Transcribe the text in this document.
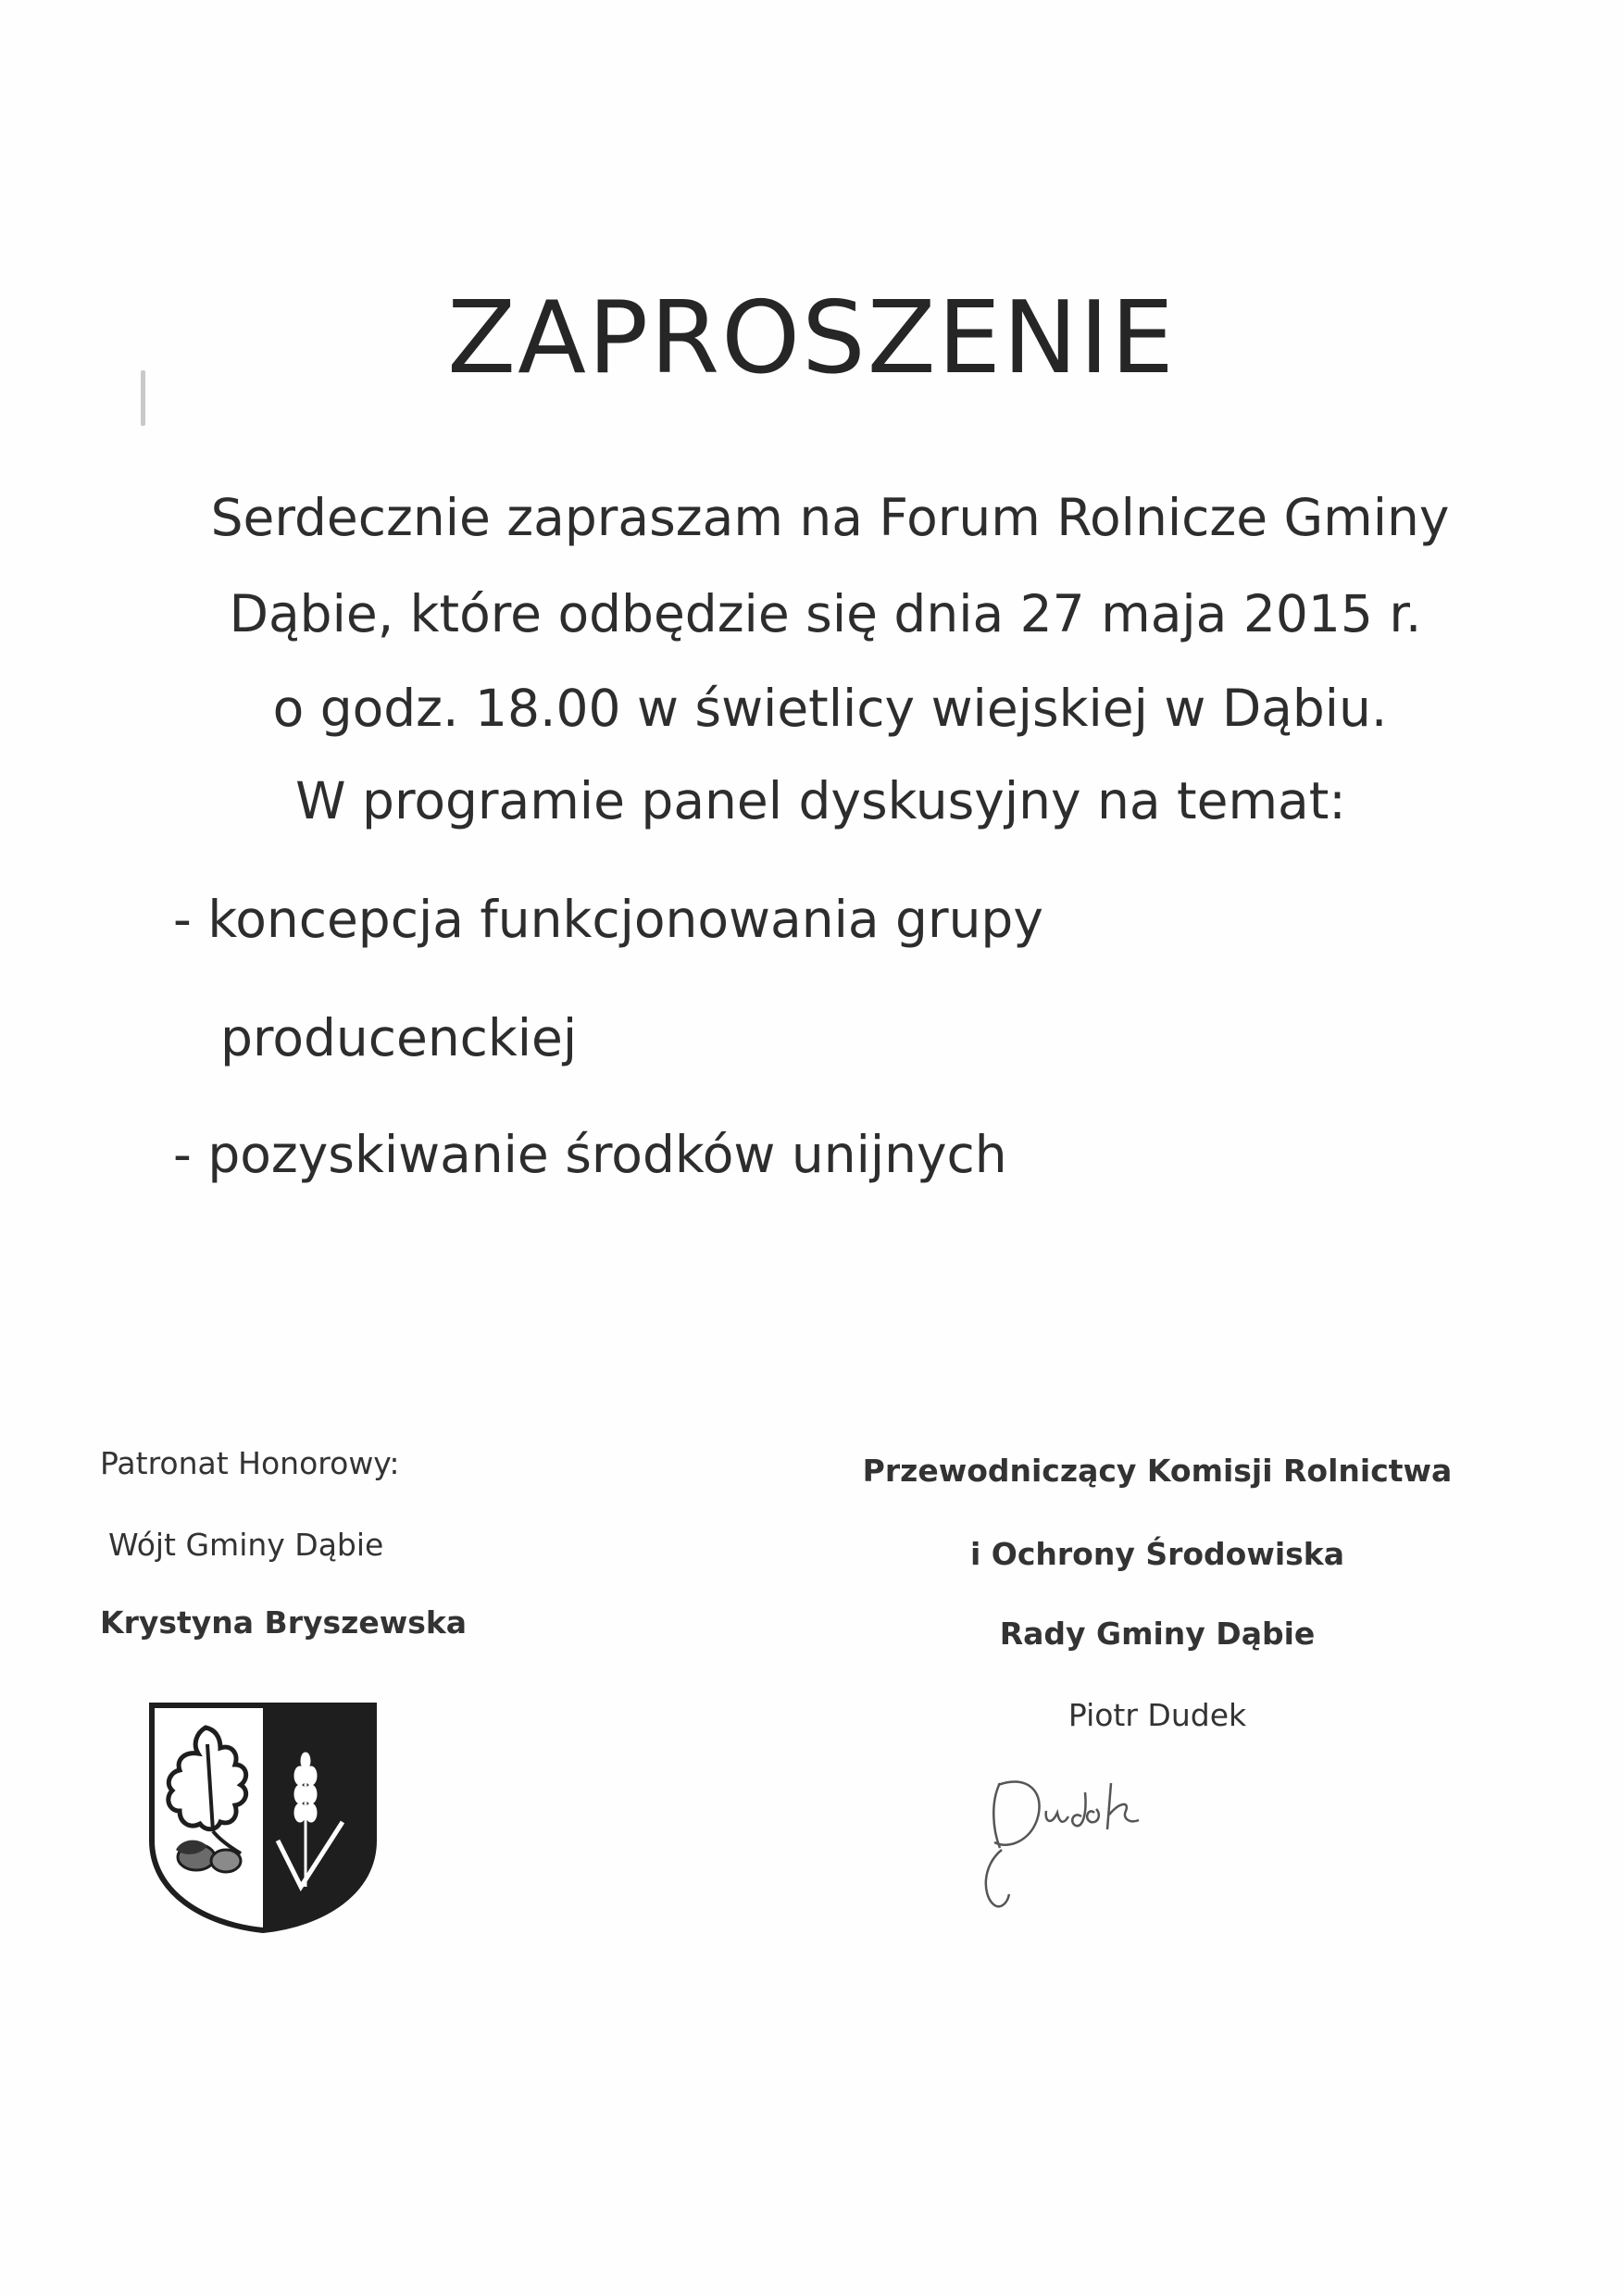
ZAPROSZENIE
Serdecznie zapraszam na Forum Rolnicze Gminy
Dąbie, które odbędzie się dnia 27 maja 2015 r.
o godz. 18.00 w świetlicy wiejskiej w Dąbiu.
W programie panel dyskusyjny na temat:
- koncepcja funkcjonowania grupy
producenckiej
- pozyskiwanie środków unijnych
Patronat Honorowy:
Wójt Gminy Dąbie
Krystyna Bryszewska
Przewodniczący Komisji Rolnictwa
i Ochrony Środowiska
Rady Gminy Dąbie
Piotr Dudek
